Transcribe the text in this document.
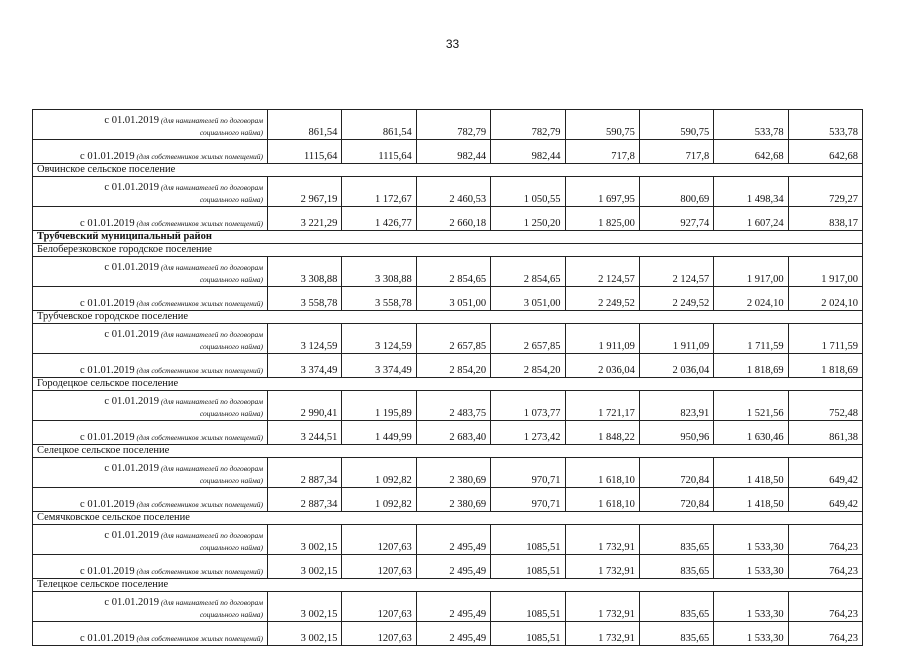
33
с 01.01.2019 (для нанимателей по договорам
социального найма)	861,54	861,54	782,79	782,79	590,75	590,75	533,78	533,78
с 01.01.2019 (для собственников жилых помещений)	1115,64	1115,64	982,44	982,44	717,8	717,8	642,68	642,68
Овчинское сельское поселение								
с 01.01.2019 (для нанимателей по договорам
социального найма)	2 967,19	1 172,67	2 460,53	1 050,55	1 697,95	800,69	1 498,34	729,27
с 01.01.2019 (для собственников жилых помещений)	3 221,29	1 426,77	2 660,18	1 250,20	1 825,00	927,74	1 607,24	838,17
Трубчевский муниципальный район								
Белоберезковское городское поселение								
с 01.01.2019 (для нанимателей по договорам
социального найма)	3 308,88	3 308,88	2 854,65	2 854,65	2 124,57	2 124,57	1 917,00	1 917,00
с 01.01.2019 (для собственников жилых помещений)	3 558,78	3 558,78	3 051,00	3 051,00	2 249,52	2 249,52	2 024,10	2 024,10
Трубчевское городское поселение								
с 01.01.2019 (для нанимателей по договорам
социального найма)	3 124,59	3 124,59	2 657,85	2 657,85	1 911,09	1 911,09	1 711,59	1 711,59
с 01.01.2019 (для собственников жилых помещений)	3 374,49	3 374,49	2 854,20	2 854,20	2 036,04	2 036,04	1 818,69	1 818,69
Городецкое сельское поселение								
с 01.01.2019 (для нанимателей по договорам
социального найма)	2 990,41	1 195,89	2 483,75	1 073,77	1 721,17	823,91	1 521,56	752,48
с 01.01.2019 (для собственников жилых помещений)	3 244,51	1 449,99	2 683,40	1 273,42	1 848,22	950,96	1 630,46	861,38
Селецкое сельское поселение								
с 01.01.2019 (для нанимателей по договорам
социального найма)	2 887,34	1 092,82	2 380,69	970,71	1 618,10	720,84	1 418,50	649,42
с 01.01.2019 (для собственников жилых помещений)	2 887,34	1 092,82	2 380,69	970,71	1 618,10	720,84	1 418,50	649,42
Семячковское сельское поселение								
с 01.01.2019 (для нанимателей по договорам
социального найма)	3 002,15	1207,63	2 495,49	1085,51	1 732,91	835,65	1 533,30	764,23
с 01.01.2019 (для собственников жилых помещений)	3 002,15	1207,63	2 495,49	1085,51	1 732,91	835,65	1 533,30	764,23
Телецкое сельское поселение								
с 01.01.2019 (для нанимателей по договорам
социального найма)	3 002,15	1207,63	2 495,49	1085,51	1 732,91	835,65	1 533,30	764,23
с 01.01.2019 (для собственников жилых помещений)	3 002,15	1207,63	2 495,49	1085,51	1 732,91	835,65	1 533,30	764,23
